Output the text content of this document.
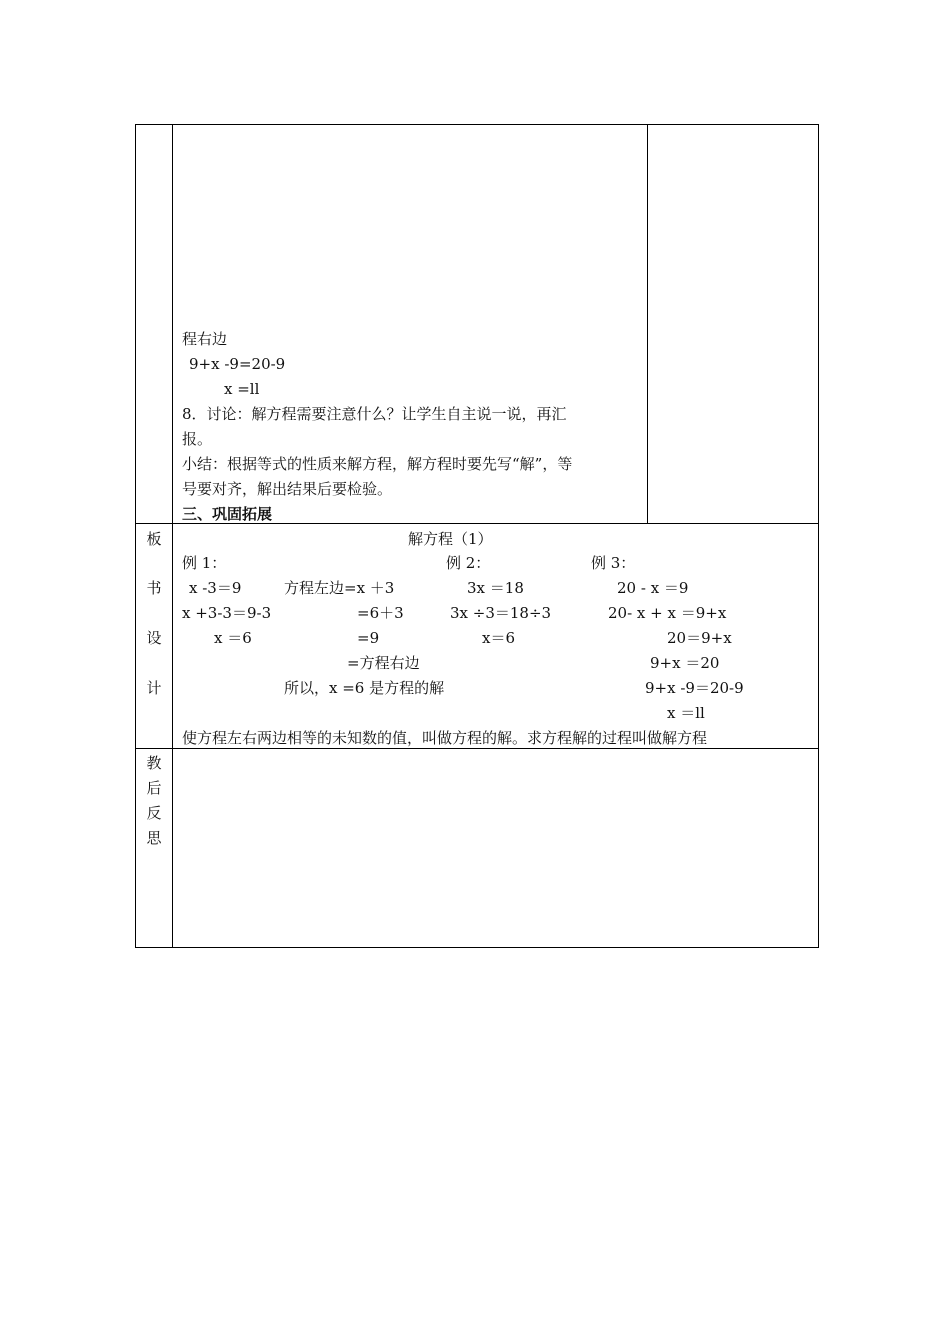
程右边
9+x -9=20-9
x =ll
8．讨论：解方程需要注意什么？让学生自主说一说，再汇
报。
小结：根据等式的性质来解方程，解方程时要先写“解”，等
号要对齐，解出结果后要检验。
三、巩固拓展
板
书
设
计
解方程（1）
例 1：	例 2：	例 3：
x -3＝9
x +3-3＝9-3
x ＝6
方程左边=x ＋3
=6＋3
=9
=方程右边
所以，x =6 是方程的解
3x ＝18
3x ÷3＝18÷3
x＝6
20 - x ＝9
20- x + x ＝9+x
20＝9+x
9+x ＝20
9+x -9＝20-9
x ＝ll
使方程左右两边相等的未知数的值，叫做方程的解。求方程解的过程叫做解方程
教
后
反
思
